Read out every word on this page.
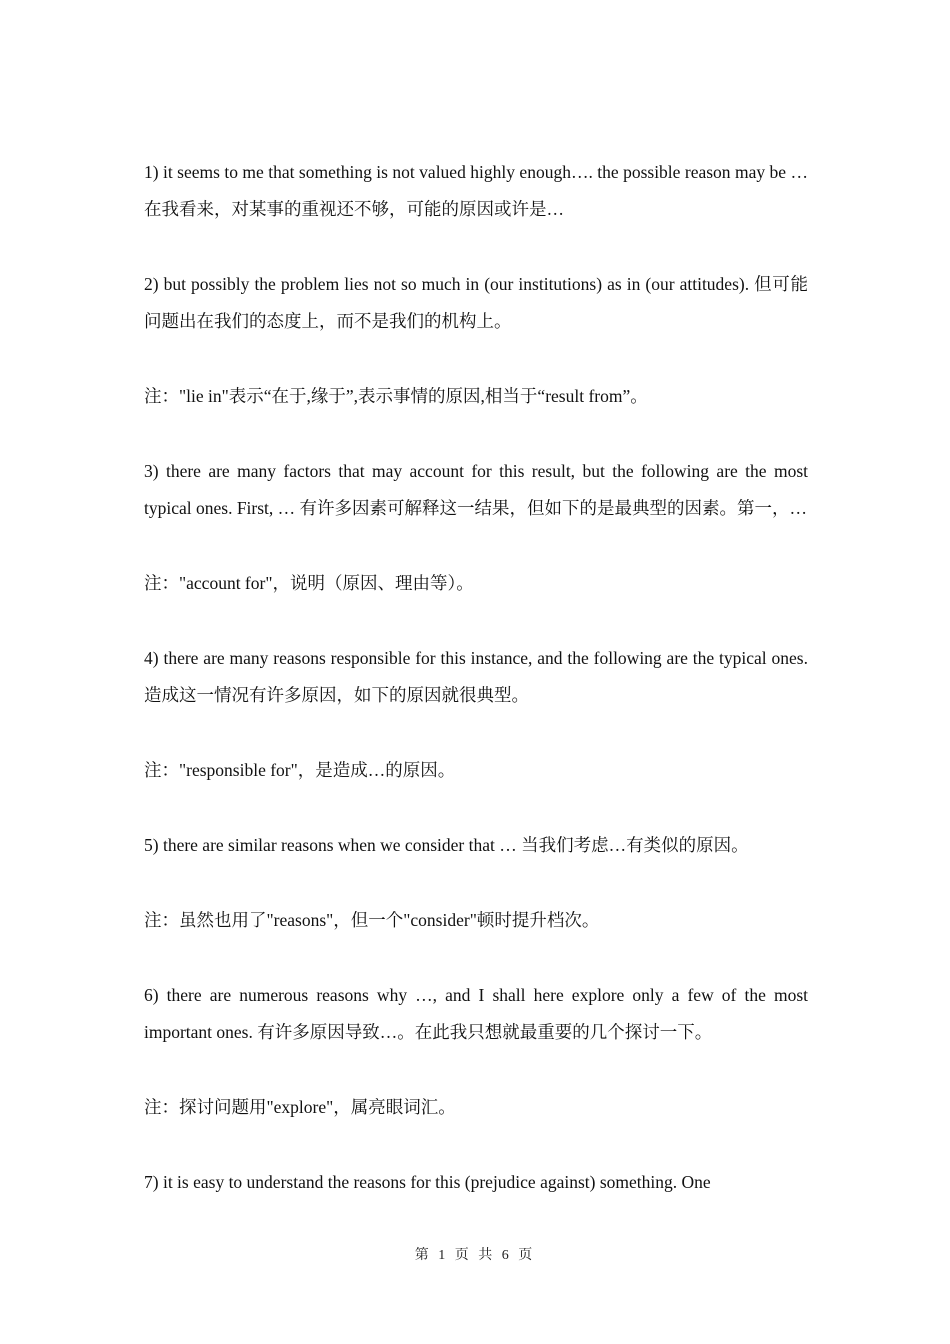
1) it seems to me that something is not valued highly enough…. the possible reason may be … 在我看来，对某事的重视还不够，可能的原因或许是…

2) but possibly the problem lies not so much in (our institutions) as in (our attitudes). 但可能问题出在我们的态度上，而不是我们的机构上。

注："lie in"表示“在于,缘于”,表示事情的原因,相当于“result from”。

3) there are many factors that may account for this result, but the following are the most typical ones. First, … 有许多因素可解释这一结果，但如下的是最典型的因素。第一，…

注："account for"，说明（原因、理由等）。

4) there are many reasons responsible for this instance, and the following are the typical ones. 造成这一情况有许多原因，如下的原因就很典型。

注："responsible for"，是造成…的原因。

5) there are similar reasons when we consider that … 当我们考虑…有类似的原因。

注：虽然也用了"reasons"，但一个"consider"顿时提升档次。

6) there are numerous reasons why …, and I shall here explore only a few of the most important ones. 有许多原因导致…。在此我只想就最重要的几个探讨一下。

注：探讨问题用"explore"，属亮眼词汇。

7) it is easy to understand the reasons for this (prejudice against) something. One

第 1 页 共 6 页
